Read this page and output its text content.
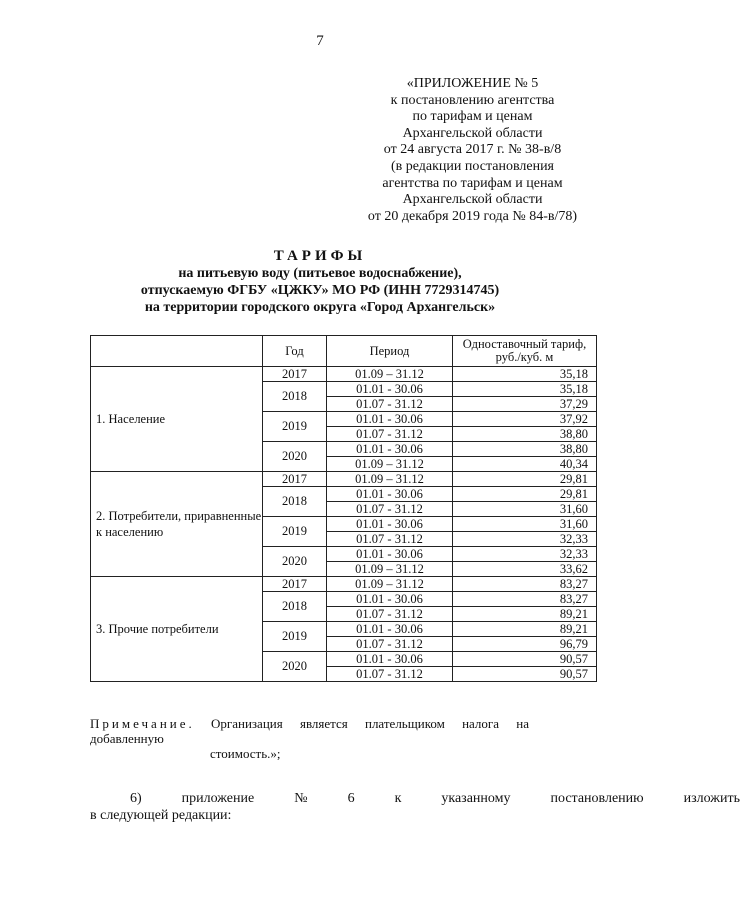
7
«ПРИЛОЖЕНИЕ № 5
к постановлению агентства
по тарифам и ценам
Архангельской области
от 24 августа 2017 г. № 38-в/8
(в редакции постановления
агентства по тарифам и ценам
Архангельской области
от 20 декабря 2019 года № 84-в/78)
ТАРИФЫ
на питьевую воду (питьевое водоснабжение),
отпускаемую ФГБУ «ЦЖКУ» МО РФ (ИНН 7729314745)
на территории городского округа «Город Архангельск»
	Год	Период	Одноставочный тариф, руб./куб. м
1. Население	2017	01.09 – 31.12	35,18
	2018	01.01 - 30.06	35,18
		01.07 - 31.12	37,29
	2019	01.01 - 30.06	37,92
		01.07 - 31.12	38,80
	2020	01.01 - 30.06	38,80
		01.09 – 31.12	40,34
2. Потребители, приравненные к населению	2017	01.09 – 31.12	29,81
	2018	01.01 - 30.06	29,81
		01.07 - 31.12	31,60
	2019	01.01 - 30.06	31,60
		01.07 - 31.12	32,33
	2020	01.01 - 30.06	32,33
		01.09 – 31.12	33,62
3. Прочие потребители	2017	01.09 – 31.12	83,27
	2018	01.01 - 30.06	83,27
		01.07 - 31.12	89,21
	2019	01.01 - 30.06	89,21
		01.07 - 31.12	96,79
	2020	01.01 - 30.06	90,57
		01.07 - 31.12	90,57
Примечание. Организация является плательщиком налога на добавленную
стоимость.»;
6)	приложение	№	6	к	указанному	постановлению	изложить
в следующей редакции:
